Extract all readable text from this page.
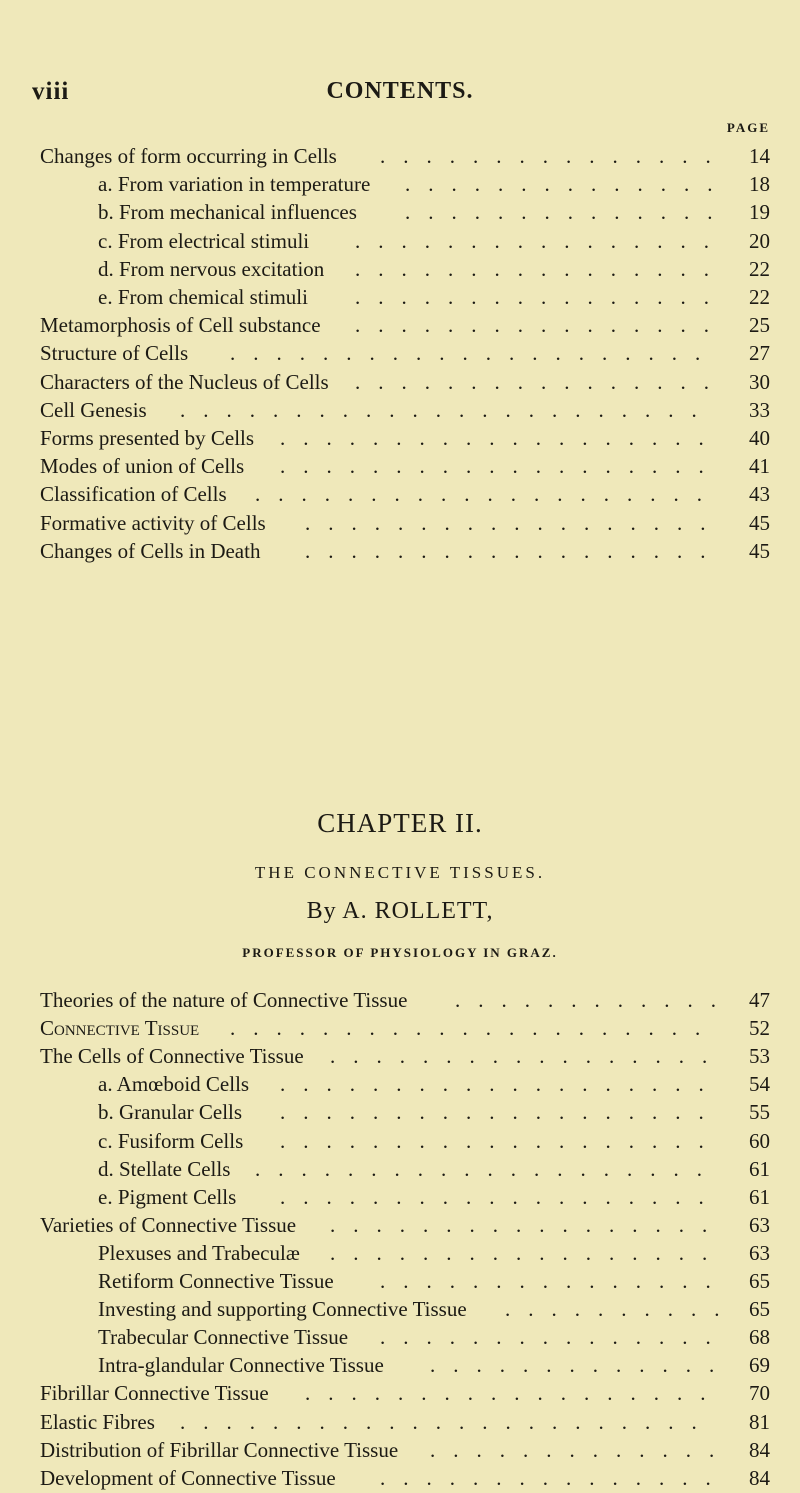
viii	CONTENTS.
PAGE
Changes of form occurring in Cells	14
...............
a. From variation in temperature	18
..............
b. From mechanical influences	19
..............
c. From electrical stimuli	20
................
d. From nervous excitation	22
................
e. From chemical stimuli	22
................
Metamorphosis of Cell substance	25
................
Structure of Cells	27
.....................
Characters of the Nucleus of Cells	30
................
Cell Genesis	33
.......................
Forms presented by Cells	40
...................
Modes of union of Cells	41
...................
Classification of Cells	43
....................
Formative activity of Cells	45
..................
Changes of Cells in Death	45
..................
CHAPTER II.
THE CONNECTIVE TISSUES.
By A. ROLLETT,
PROFESSOR OF PHYSIOLOGY IN GRAZ.
Theories of the nature of Connective Tissue	47
............
Connective Tissue	52
.....................
The Cells of Connective Tissue	53
.................
a. Amœboid Cells	54
...................
b. Granular Cells	55
...................
c. Fusiform Cells	60
...................
d. Stellate Cells	61
....................
e. Pigment Cells	61
...................
Varieties of Connective Tissue	63
.................
Plexuses and Trabeculæ	63
.................
Retiform Connective Tissue	65
...............
Investing and supporting Connective Tissue	65
..........
Trabecular Connective Tissue	68
...............
Intra-glandular Connective Tissue	69
.............
Fibrillar Connective Tissue	70
..................
Elastic Fibres	81
.......................
Distribution of Fibrillar Connective Tissue	84
.............
Development of Connective Tissue	84
...............
